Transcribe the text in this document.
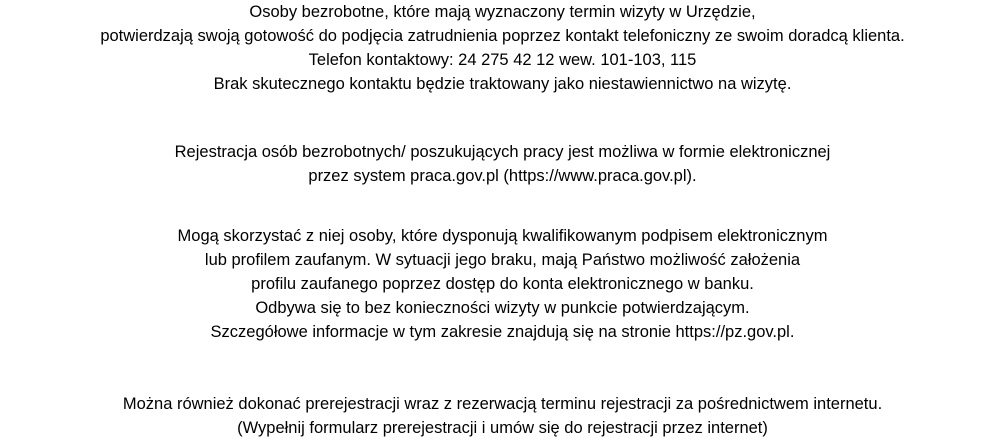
Osoby bezrobotne, które mają wyznaczony termin wizyty w Urzędzie,
potwierdzają swoją gotowość do podjęcia zatrudnienia poprzez kontakt telefoniczny ze swoim doradcą klienta.
Telefon kontaktowy: 24 275 42 12 wew. 101-103, 115
Brak skutecznego kontaktu będzie traktowany jako niestawiennictwo na wizytę.
Rejestracja osób bezrobotnych/ poszukujących pracy jest możliwa w formie elektronicznej
przez system praca.gov.pl (https://www.praca.gov.pl).
Mogą skorzystać z niej osoby, które dysponują kwalifikowanym podpisem elektronicznym
lub profilem zaufanym. W sytuacji jego braku, mają Państwo możliwość założenia
profilu zaufanego poprzez dostęp do konta elektronicznego w banku.
Odbywa się to bez konieczności wizyty w punkcie potwierdzającym.
Szczegółowe informacje w tym zakresie znajdują się na stronie https://pz.gov.pl.
Można również dokonać prerejestracji wraz z rezerwacją terminu rejestracji za pośrednictwem internetu.
(Wypełnij formularz prerejestracji i umów się do rejestracji przez internet)
